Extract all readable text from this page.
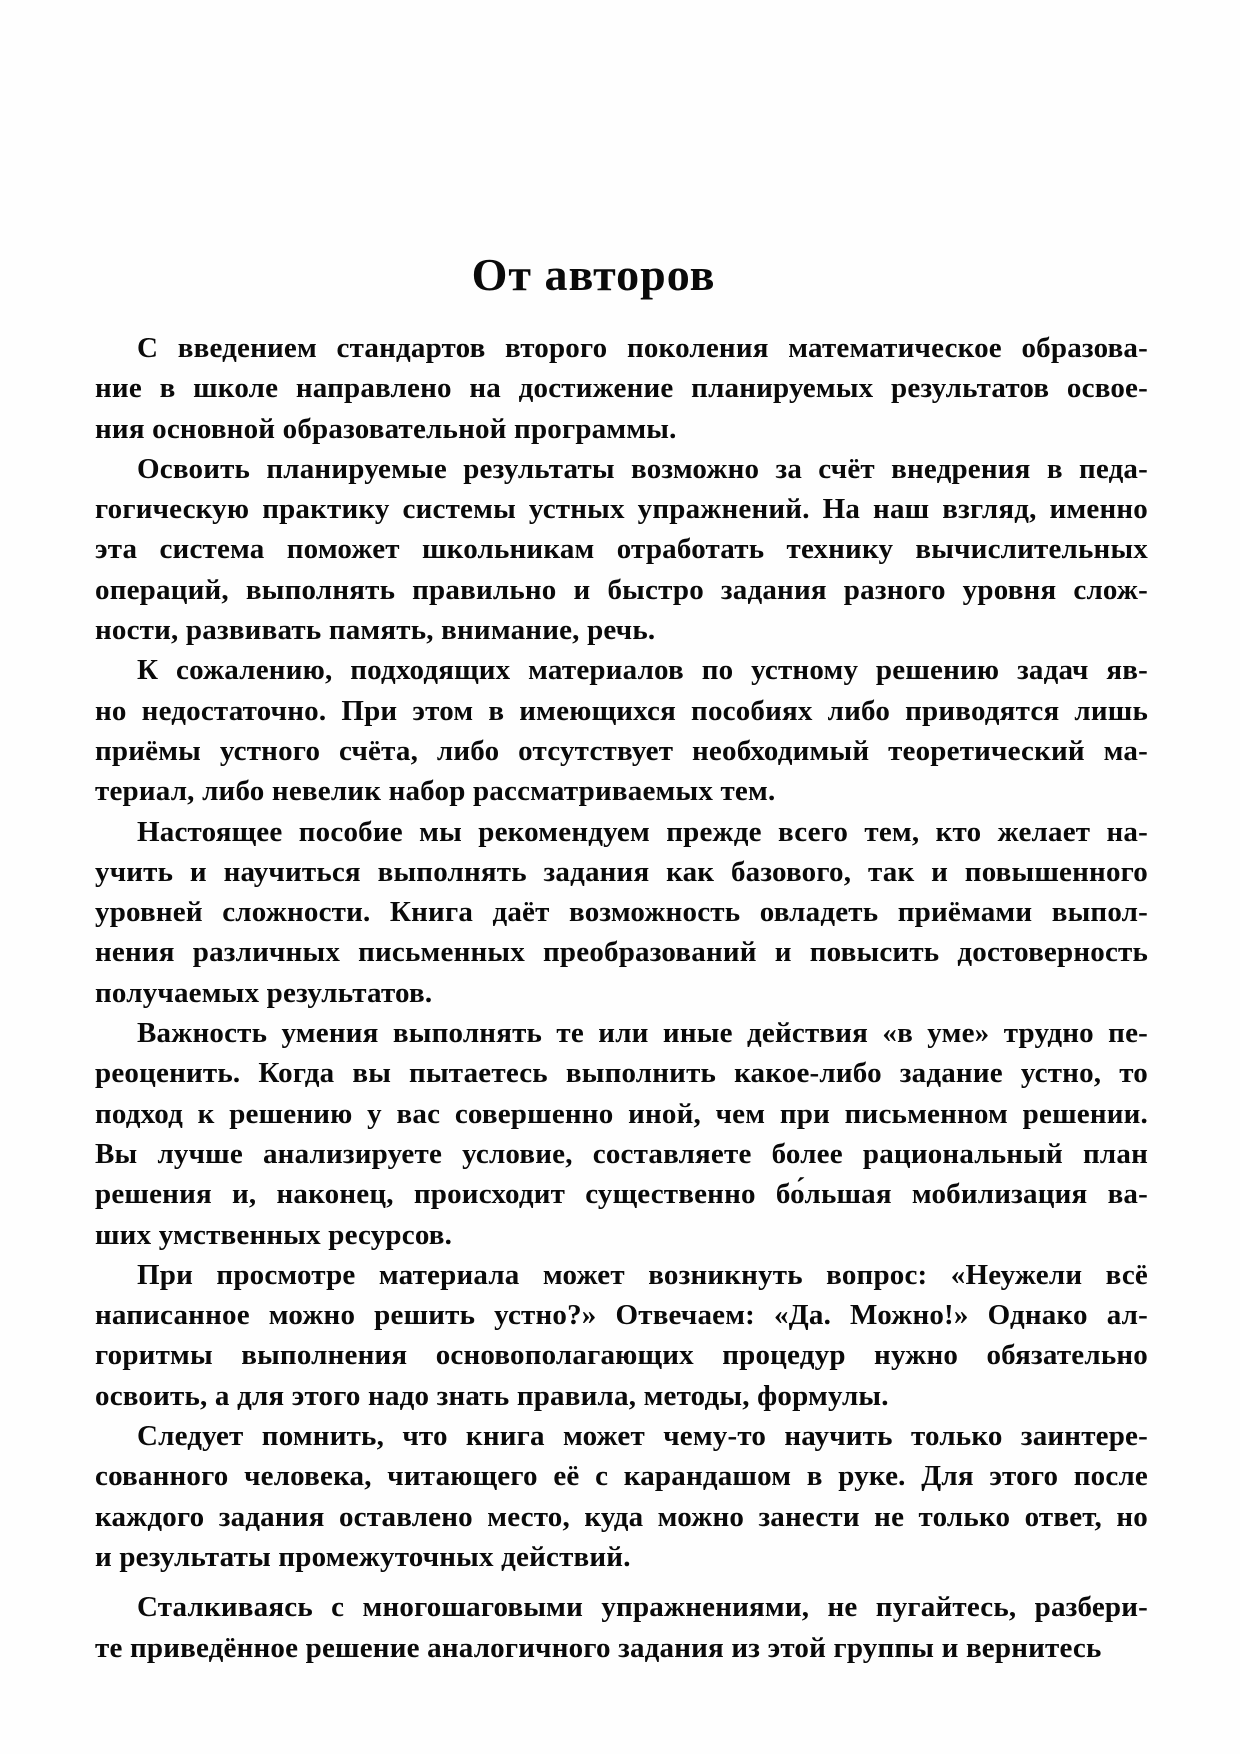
От авторов
С введением стандартов второго поколения математическое образова-
ние в школе направлено на достижение планируемых результатов освое-
ния основной образовательной программы.
Освоить планируемые результаты возможно за счёт внедрения в педа-
гогическую практику системы устных упражнений. На наш взгляд, именно
эта система поможет школьникам отработать технику вычислительных
операций, выполнять правильно и быстро задания разного уровня слож-
ности, развивать память, внимание, речь.
К сожалению, подходящих материалов по устному решению задач яв-
но недостаточно. При этом в имеющихся пособиях либо приводятся лишь
приёмы устного счёта, либо отсутствует необходимый теоретический ма-
териал, либо невелик набор рассматриваемых тем.
Настоящее пособие мы рекомендуем прежде всего тем, кто желает на-
учить и научиться выполнять задания как базового, так и повышенного
уровней сложности. Книга даёт возможность овладеть приёмами выпол-
нения различных письменных преобразований и повысить достоверность
получаемых результатов.
Важность умения выполнять те или иные действия «в уме» трудно пе-
реоценить. Когда вы пытаетесь выполнить какое-либо задание устно, то
подход к решению у вас совершенно иной, чем при письменном решении.
Вы лучше анализируете условие, составляете более рациональный план
решения и, наконец, происходит существенно бо́льшая мобилизация ва-
ших умственных ресурсов.
При просмотре материала может возникнуть вопрос: «Неужели всё
написанное можно решить устно?» Отвечаем: «Да. Можно!» Однако ал-
горитмы выполнения основополагающих процедур нужно обязательно
освоить, а для этого надо знать правила, методы, формулы.
Следует помнить, что книга может чему-то научить только заинтере-
сованного человека, читающего её с карандашом в руке. Для этого после
каждого задания оставлено место, куда можно занести не только ответ, но
и результаты промежуточных действий.
Сталкиваясь с многошаговыми упражнениями, не пугайтесь, разбери-
те приведённое решение аналогичного задания из этой группы и вернитесь
